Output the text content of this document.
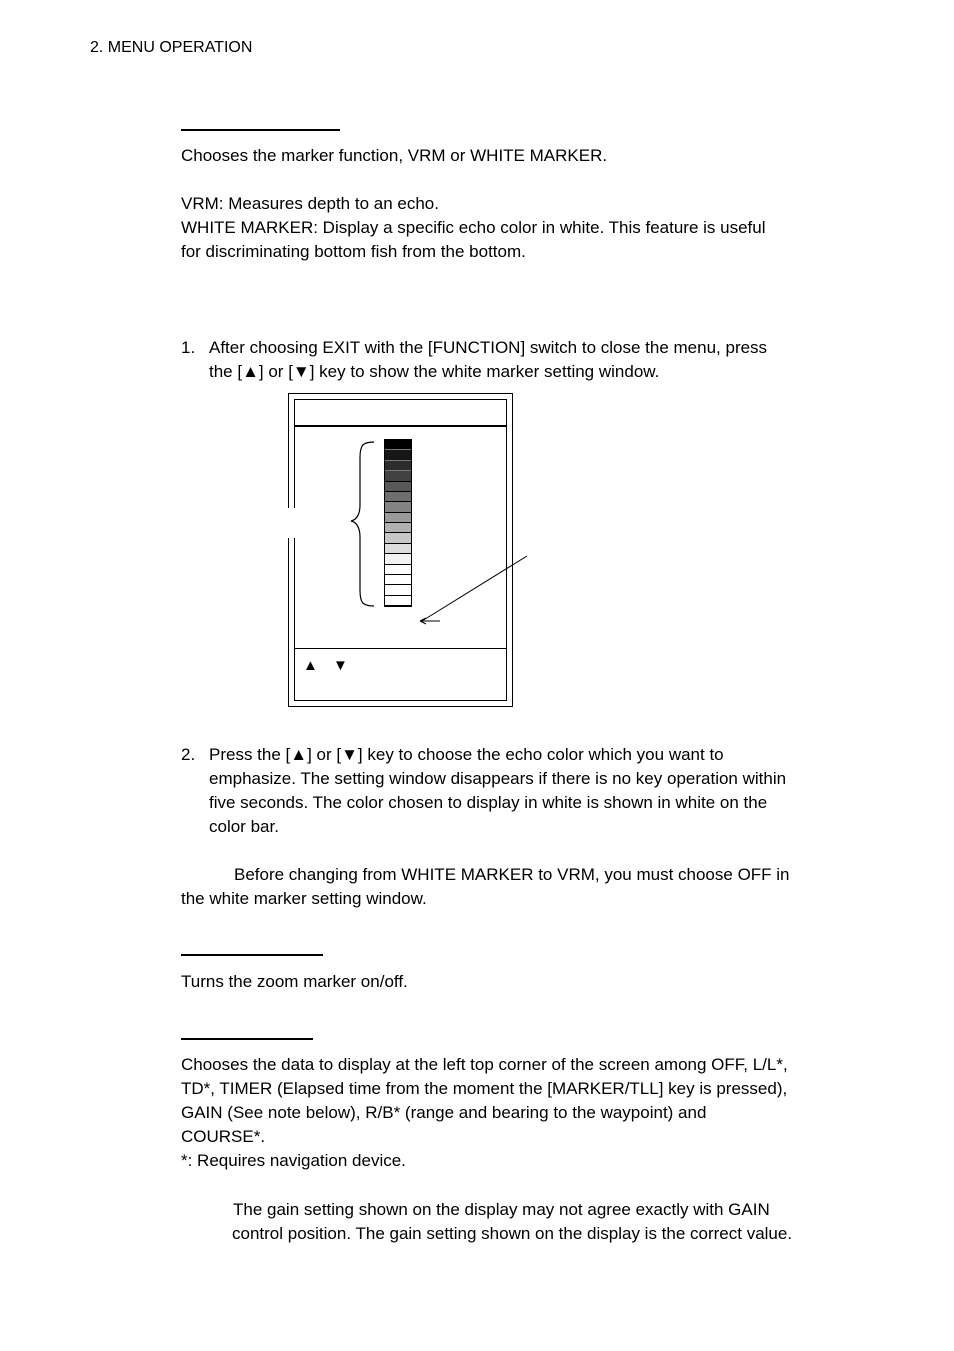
2. MENU OPERATION
Chooses the marker function, VRM or WHITE MARKER.
VRM: Measures depth to an echo.
WHITE MARKER: Display a specific echo color in white. This feature is useful
for discriminating bottom fish from the bottom.
1. After choosing EXIT with the [FUNCTION] switch to close the menu, press
the [▲] or [▼] key to show the white marker setting window.
▲ ▼
2. Press the [▲] or [▼] key to choose the echo color which you want to
emphasize. The setting window disappears if there is no key operation within
five seconds. The color chosen to display in white is shown in white on the
color bar.
Before changing from WHITE MARKER to VRM, you must choose OFF in
the white marker setting window.
Turns the zoom marker on/off.
Chooses the data to display at the left top corner of the screen among OFF, L/L*,
TD*, TIMER (Elapsed time from the moment the [MARKER/TLL] key is pressed),
GAIN (See note below), R/B* (range and bearing to the waypoint) and
COURSE*.
*: Requires navigation device.
The gain setting shown on the display may not agree exactly with GAIN
control position. The gain setting shown on the display is the correct value.
